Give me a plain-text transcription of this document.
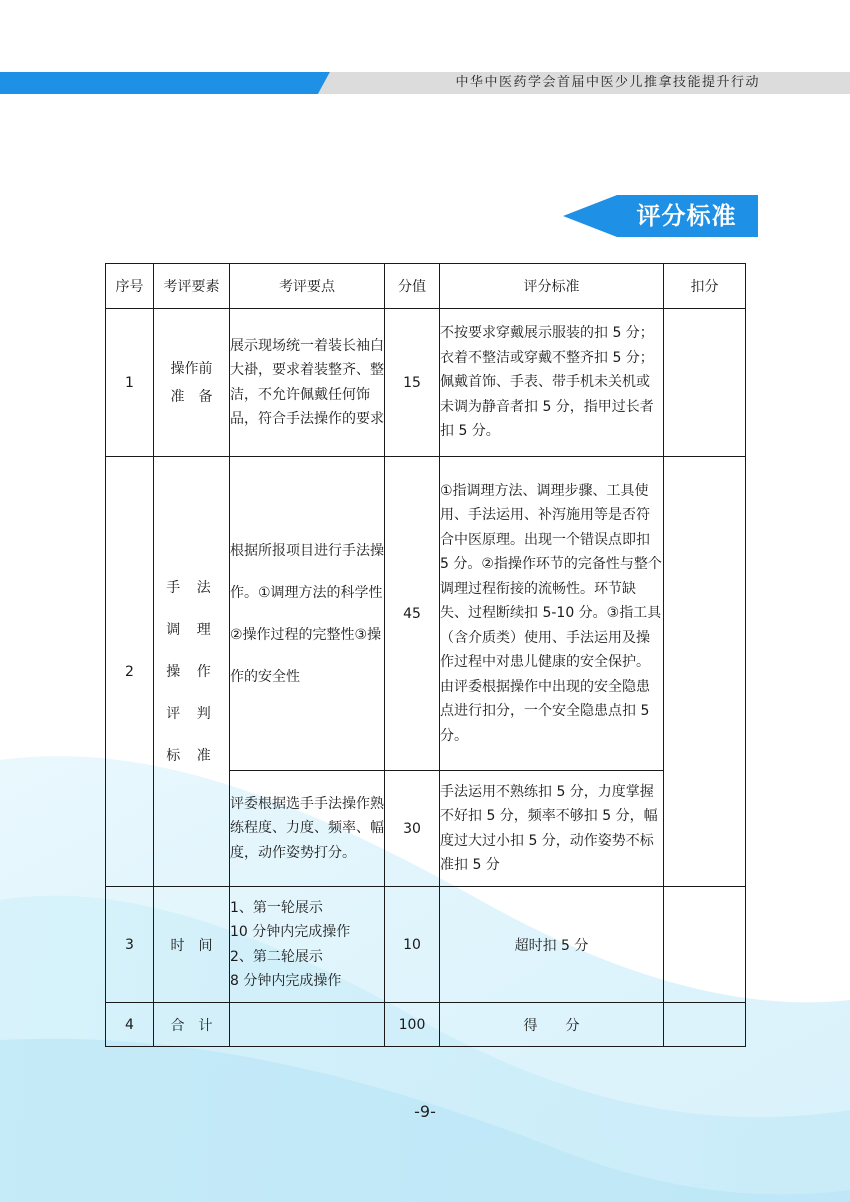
中华中医药学会首届中医少儿推拿技能提升行动
评分标准
序号	考评要素	考评要点	分值	评分标准	扣分
1	操作前
准　备	展示现场统一着装长袖白大褂，要求着装整齐、整洁，不允许佩戴任何饰品，符合手法操作的要求	15	不按要求穿戴展示服装的扣 5 分；衣着不整洁或穿戴不整齐扣 5 分；佩戴首饰、手表、带手机未关机或未调为静音者扣 5 分，指甲过长者扣 5 分。	
2	手 法
调 理
操 作
评 判
标 准	根据所报项目进行手法操作。①调理方法的科学性②操作过程的完整性③操作的安全性	45	①指调理方法、调理步骤、工具使用、手法运用、补泻施用等是否符合中医原理。出现一个错误点即扣 5 分。②指操作环节的完备性与整个调理过程衔接的流畅性。环节缺失、过程断续扣 5-10 分。③指工具（含介质类）使用、手法运用及操作过程中对患儿健康的安全保护。由评委根据操作中出现的安全隐患点进行扣分，一个安全隐患点扣 5 分。	
		评委根据选手手法操作熟练程度、力度、频率、幅度，动作姿势打分。	30	手法运用不熟练扣 5 分，力度掌握不好扣 5 分，频率不够扣 5 分，幅度过大过小扣 5 分，动作姿势不标准扣 5 分	
3	时　间	1、第一轮展示
10 分钟内完成操作
2、第二轮展示
8 分钟内完成操作	10	超时扣 5 分	
4	合　计		100	得　　分	
-9-
